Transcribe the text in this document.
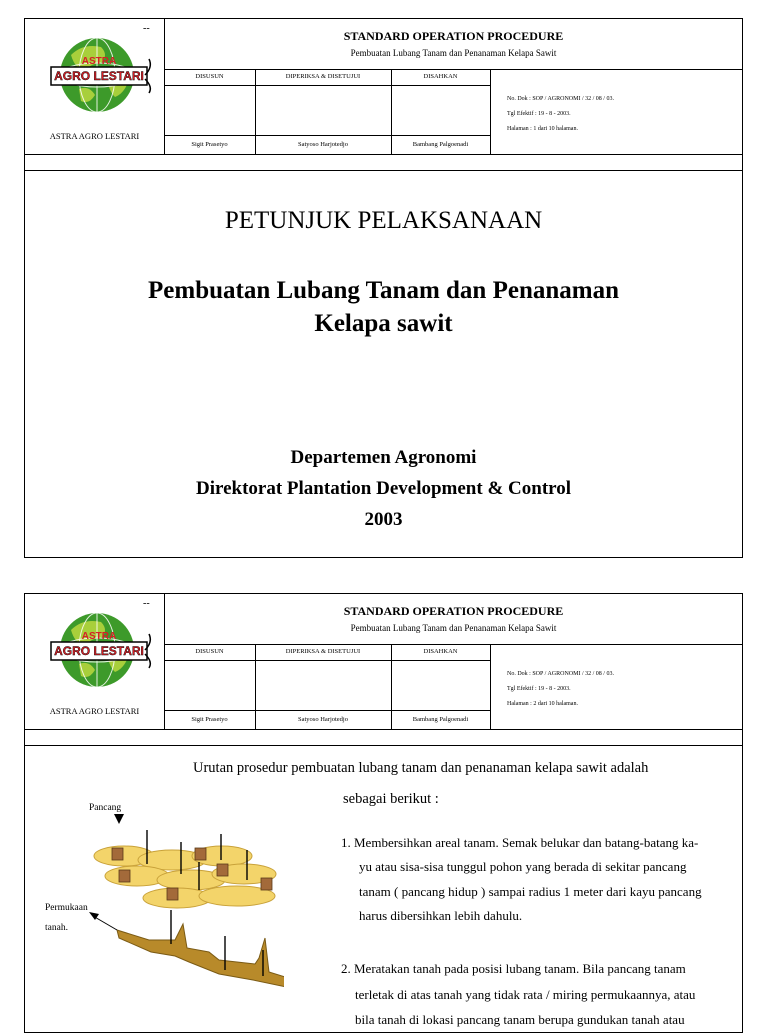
--
ASTRA
AGRO LESTARI
ASTRA AGRO LESTARI
STANDARD OPERATION PROCEDURE
Pembuatan Lubang Tanam dan Penanaman Kelapa Sawit
DISUSUN	DIPERIKSA & DISETUJUI	DISAHKAN
Sigit Prasetyo	Satyoso Harjotedjo	Bambang Palgoenadi
No. Dok : SOP / AGRONOMI / 32 / 08 / 03.
Tgl Efektif : 19 - 8 - 2003.
Halaman : 1 dari 10 halaman.
PETUNJUK PELAKSANAAN
Pembuatan Lubang Tanam dan Penanaman
Kelapa sawit
Departemen Agronomi
Direktorat Plantation Development & Control
2003
--
ASTRA
AGRO LESTARI
ASTRA AGRO LESTARI
STANDARD OPERATION PROCEDURE
Pembuatan Lubang Tanam dan Penanaman Kelapa Sawit
DISUSUN	DIPERIKSA & DISETUJUI	DISAHKAN
Sigit Prasetyo	Satyoso Harjotedjo	Bambang Palgoenadi
No. Dok : SOP / AGRONOMI / 32 / 08 / 03.
Tgl Efektif : 19 - 8 - 2003.
Halaman : 2 dari 10 halaman.
Urutan prosedur pembuatan lubang tanam dan penanaman kelapa sawit adalah
sebagai berikut :
Pancang
Permukaan
tanah.
1. Membersihkan areal tanam. Semak belukar dan batang-batang ka-
yu atau sisa-sisa tunggul pohon yang berada di sekitar pancang
tanam ( pancang hidup ) sampai radius 1 meter dari kayu pancang
harus dibersihkan lebih dahulu.
2. Meratakan tanah pada posisi lubang tanam. Bila pancang tanam
terletak di atas tanah yang tidak rata / miring permukaannya, atau
bila tanah di lokasi pancang tanam berupa gundukan tanah atau
